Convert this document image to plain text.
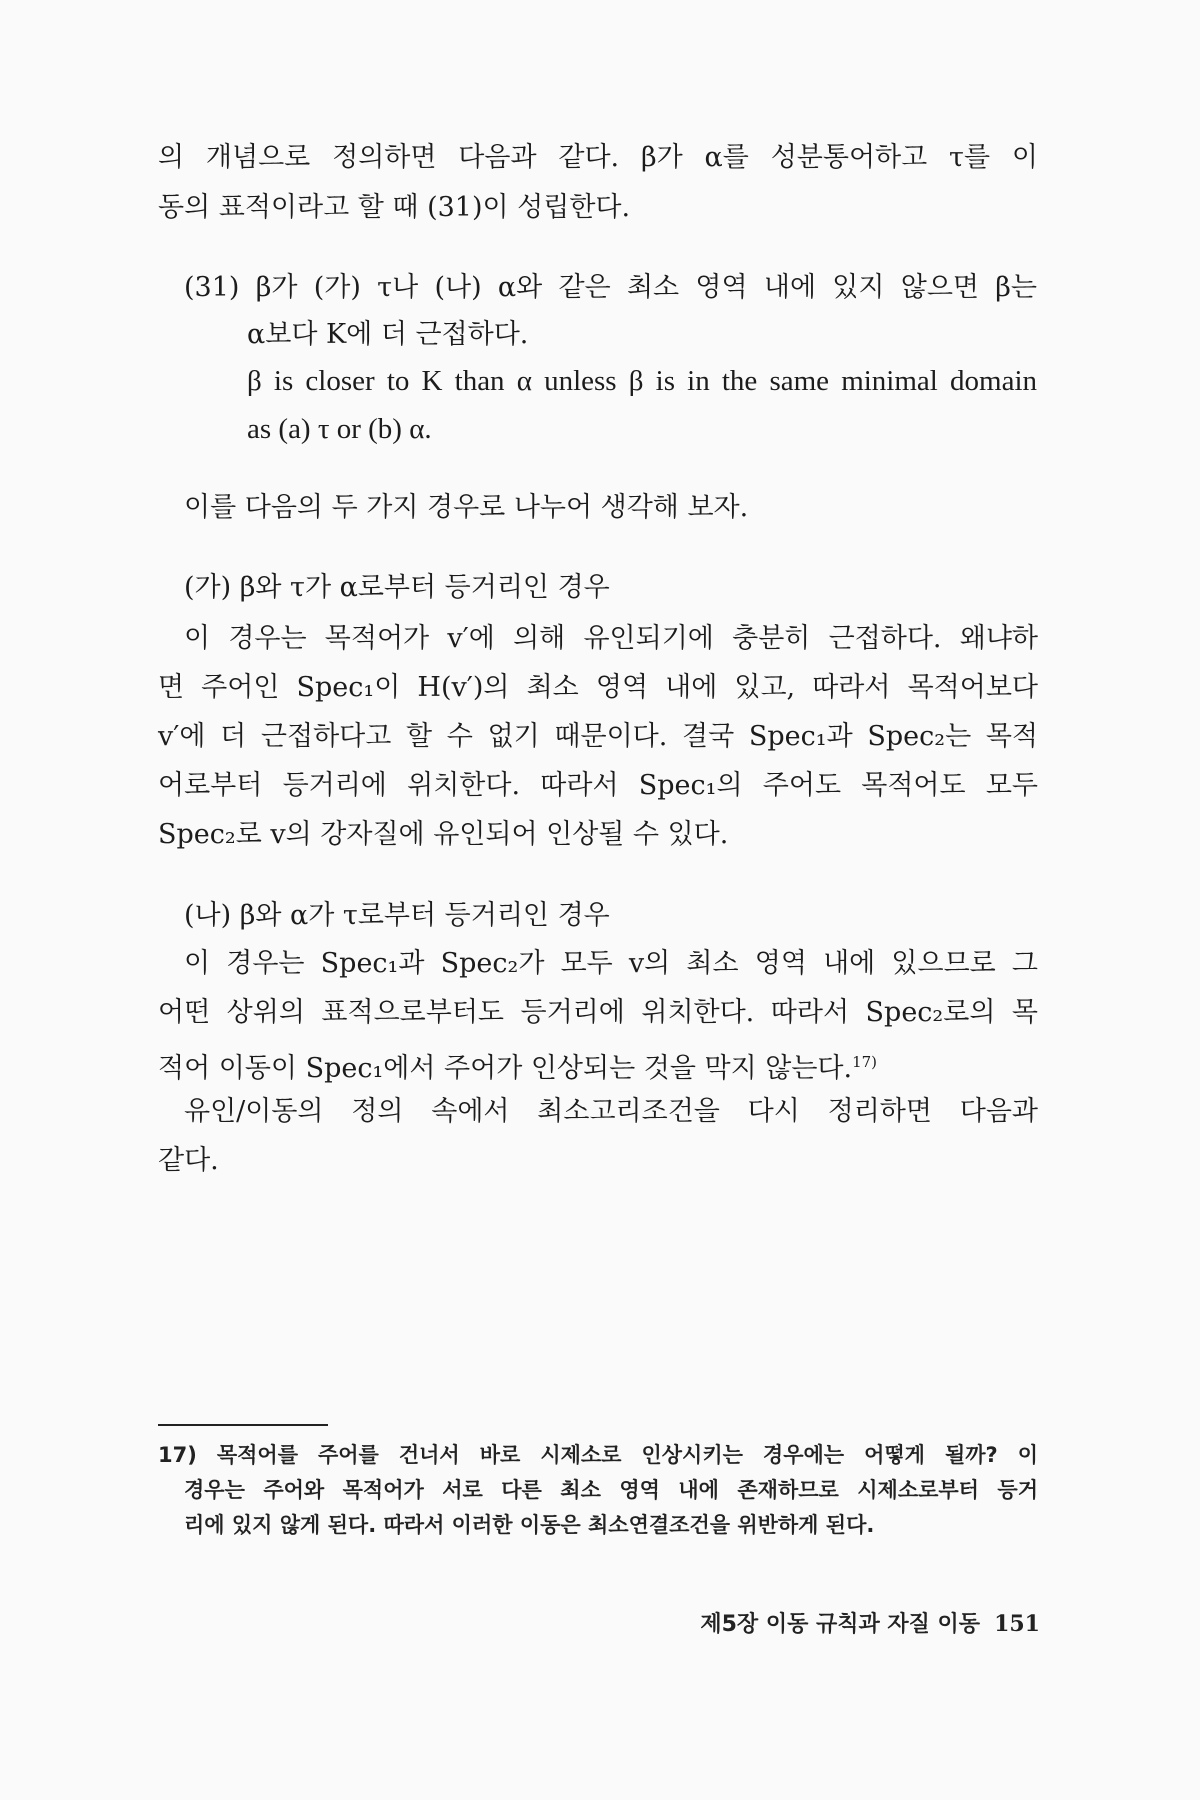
의 개념으로 정의하면 다음과 같다. β가 α를 성분통어하고 τ를 이
동의 표적이라고 할 때 (31)이 성립한다.
(31) β가 (가) τ나 (나) α와 같은 최소 영역 내에 있지 않으면 β는
α보다 K에 더 근접하다.
β is closer to K than α unless β is in the same minimal domain
as (a) τ or (b) α.
이를 다음의 두 가지 경우로 나누어 생각해 보자.
(가) β와 τ가 α로부터 등거리인 경우
이 경우는 목적어가 v′에 의해 유인되기에 충분히 근접하다. 왜냐하
면 주어인 Spec₁이 H(v′)의 최소 영역 내에 있고, 따라서 목적어보다
v′에 더 근접하다고 할 수 없기 때문이다. 결국 Spec₁과 Spec₂는 목적
어로부터 등거리에 위치한다. 따라서 Spec₁의 주어도 목적어도 모두
Spec₂로 v의 강자질에 유인되어 인상될 수 있다.
(나) β와 α가 τ로부터 등거리인 경우
이 경우는 Spec₁과 Spec₂가 모두 v의 최소 영역 내에 있으므로 그
어떤 상위의 표적으로부터도 등거리에 위치한다. 따라서 Spec₂로의 목
적어 이동이 Spec₁에서 주어가 인상되는 것을 막지 않는다.$^{17)}$
유인/이동의 정의 속에서 최소고리조건을 다시 정리하면 다음과
같다.
17) 목적어를 주어를 건너서 바로 시제소로 인상시키는 경우에는 어떻게 될까? 이
경우는 주어와 목적어가 서로 다른 최소 영역 내에 존재하므로 시제소로부터 등거
리에 있지 않게 된다. 따라서 이러한 이동은 최소연결조건을 위반하게 된다.
제5장 이동 규칙과 자질 이동 151
